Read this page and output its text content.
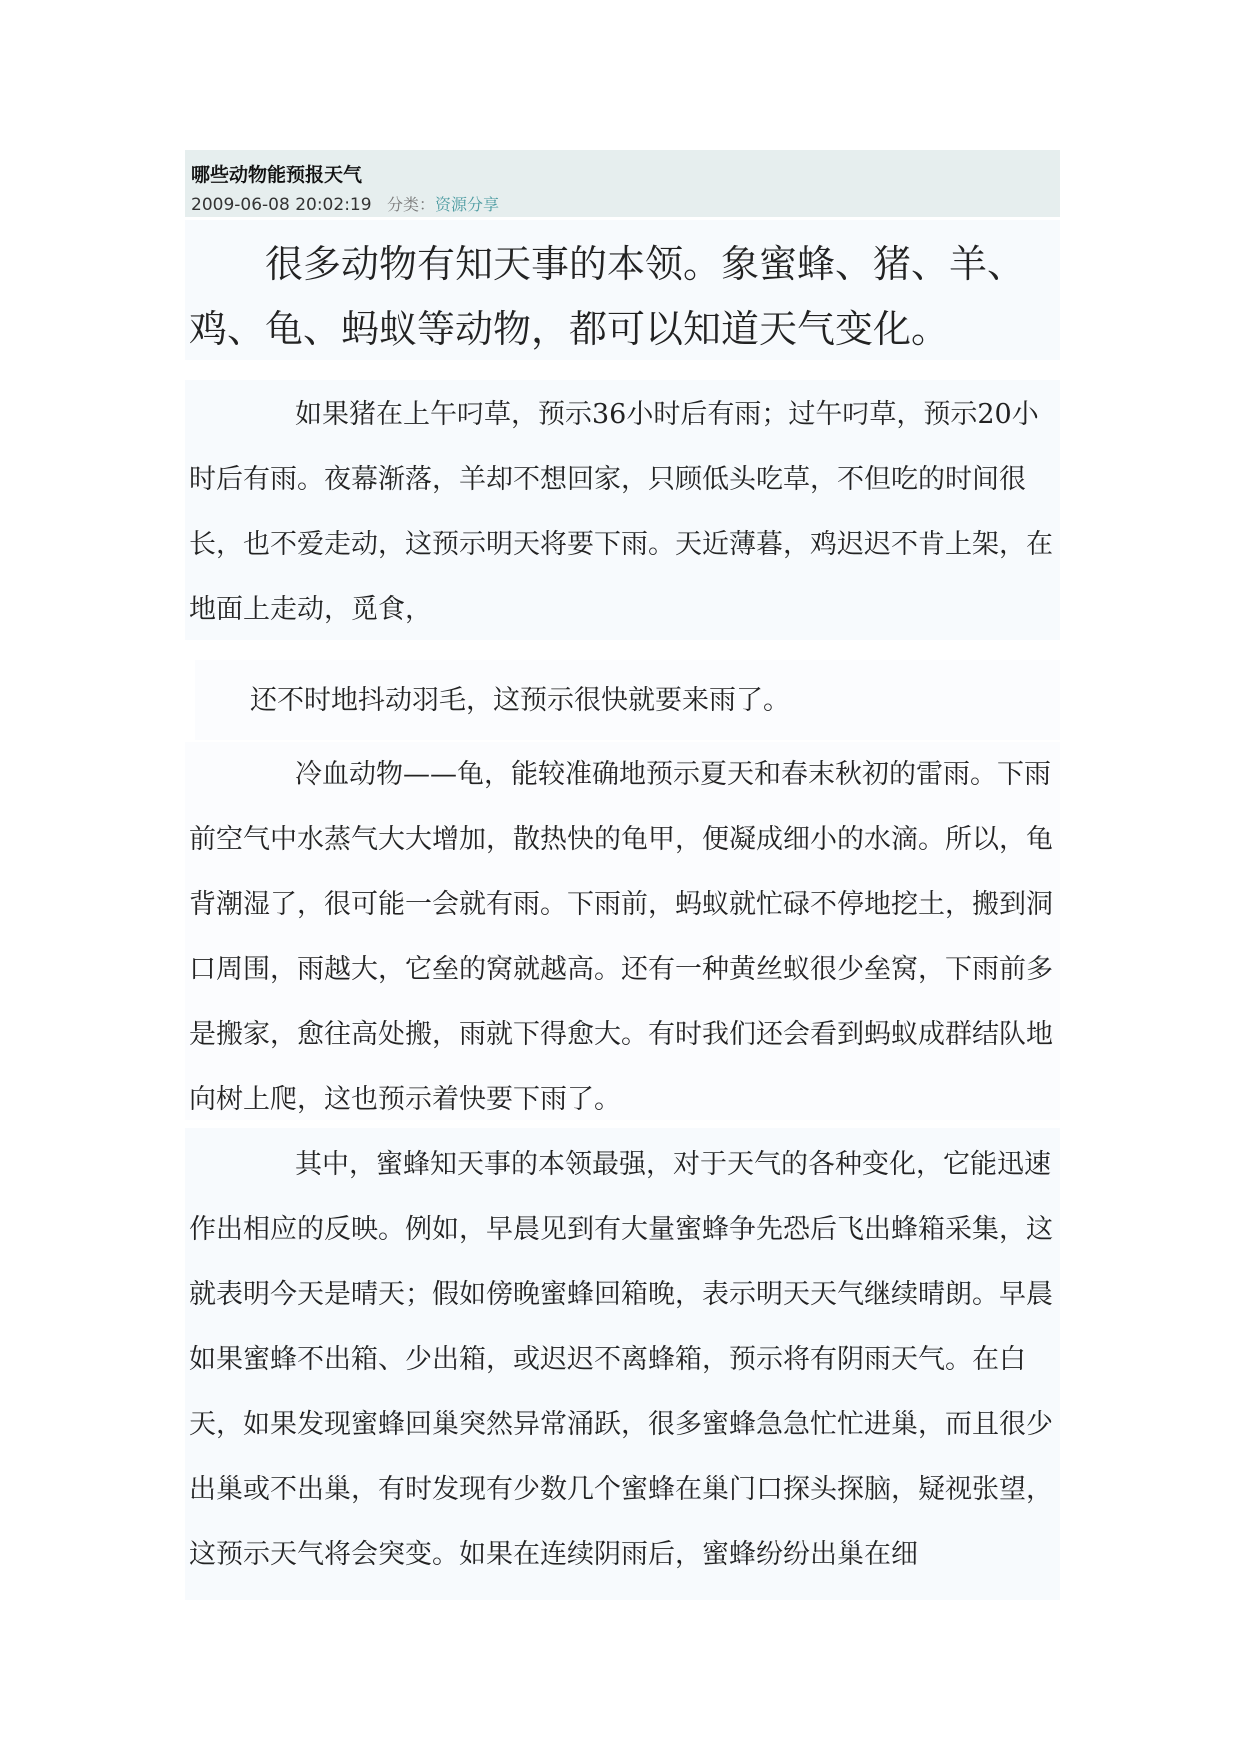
哪些动物能预报天气
2009-06-08 20:02:19 分类：资源分享

很多动物有知天事的本领。象蜜蜂、猪、羊、鸡、龟、蚂蚁等动物，都可以知道天气变化。

如果猪在上午叼草，预示36小时后有雨；过午叼草，预示20小时后有雨。夜幕渐落，羊却不想回家，只顾低头吃草，不但吃的时间很长，也不爱走动，这预示明天将要下雨。天近薄暮，鸡迟迟不肯上架，在地面上走动，觅食，

还不时地抖动羽毛，这预示很快就要来雨了。

冷血动物——龟，能较准确地预示夏天和春末秋初的雷雨。下雨前空气中水蒸气大大增加，散热快的龟甲，便凝成细小的水滴。所以，龟背潮湿了，很可能一会就有雨。下雨前，蚂蚁就忙碌不停地挖土，搬到洞口周围，雨越大，它垒的窝就越高。还有一种黄丝蚁很少垒窝，下雨前多是搬家，愈往高处搬，雨就下得愈大。有时我们还会看到蚂蚁成群结队地向树上爬，这也预示着快要下雨了。

其中，蜜蜂知天事的本领最强，对于天气的各种变化，它能迅速作出相应的反映。例如，早晨见到有大量蜜蜂争先恐后飞出蜂箱采集，这就表明今天是晴天；假如傍晚蜜蜂回箱晚，表示明天天气继续晴朗。早晨如果蜜蜂不出箱、少出箱，或迟迟不离蜂箱，预示将有阴雨天气。在白天，如果发现蜜蜂回巢突然异常涌跃，很多蜜蜂急急忙忙进巢，而且很少出巢或不出巢，有时发现有少数几个蜜蜂在巢门口探头探脑，疑视张望，这预示天气将会突变。如果在连续阴雨后，蜜蜂纷纷出巢在细
